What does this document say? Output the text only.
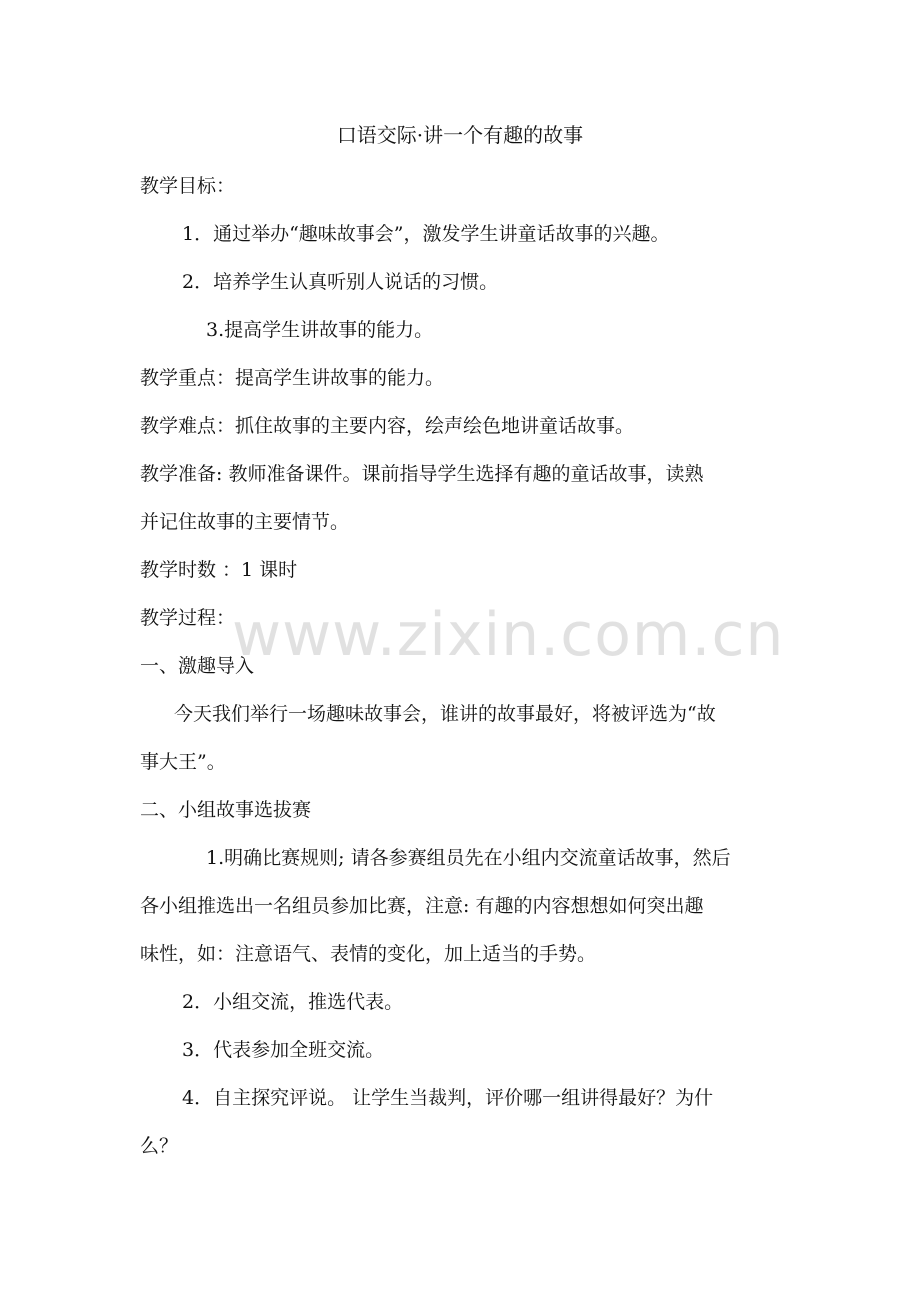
口语交际·讲一个有趣的故事
教学目标：
1．通过举办“趣味故事会”，激发学生讲童话故事的兴趣。
2．培养学生认真听别人说话的习惯。
3.提高学生讲故事的能力。
教学重点：提高学生讲故事的能力。
教学难点：抓住故事的主要内容，绘声绘色地讲童话故事。
教学准备: 教师准备课件。课前指导学生选择有趣的童话故事，读熟
并记住故事的主要情节。
教学时数 ：1 课时
教学过程：
一、激趣导入
今天我们举行一场趣味故事会，谁讲的故事最好，将被评选为“故
事大王”。
二、小组故事选拔赛
1.明确比赛规则; 请各参赛组员先在小组内交流童话故事，然后
各小组推选出一名组员参加比赛，注意: 有趣的内容想想如何突出趣
味性，如：注意语气、表情的变化，加上适当的手势。
2．小组交流，推选代表。
3．代表参加全班交流。
4．自主探究评说。 让学生当裁判，评价哪一组讲得最好？为什
么？
www.zixin.com.cn
